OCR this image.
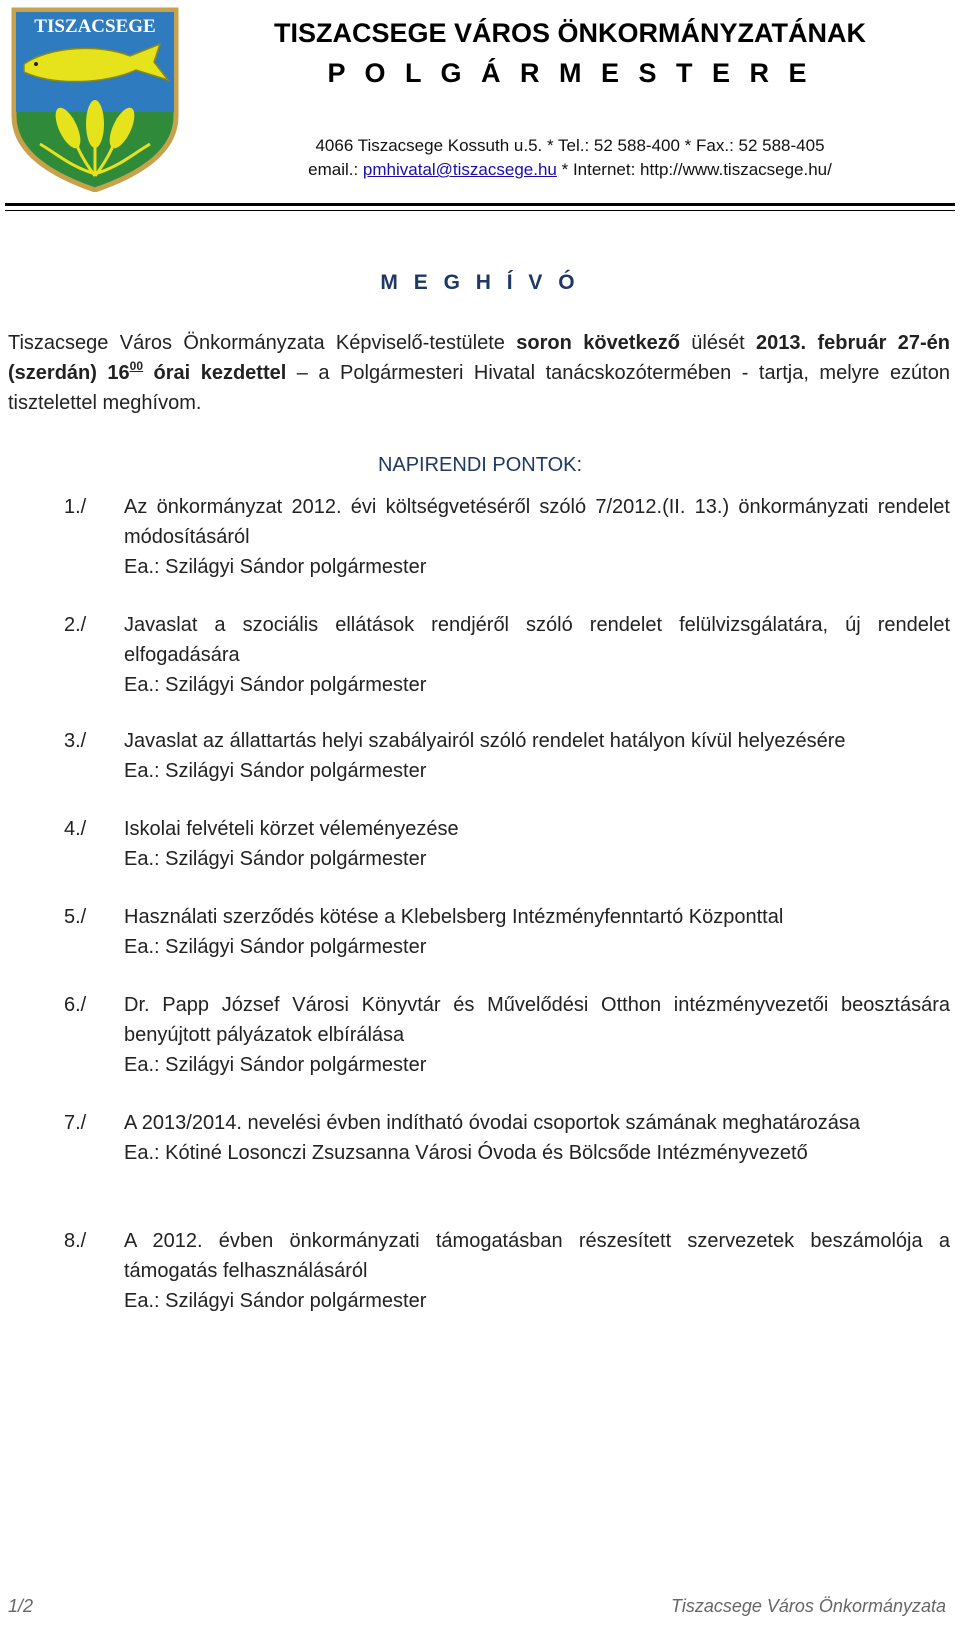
TISZACSEGE	TISZACSEGE VÁROS ÖNKORMÁNYZATÁNAK
P O L G Á R M E S T E R E
4066 Tiszacsege Kossuth u.5. * Tel.: 52 588-400 * Fax.: 52 588-405
email.: pmhivatal@tiszacsege.hu * Internet: http://www.tiszacsege.hu/
M E G H Í V Ó
Tiszacsege Város Önkormányzata Képviselő-testülete soron következő ülését 2013. február 27-én (szerdán) $16^{00}$ órai kezdettel – a Polgármesteri Hivatal tanácskozótermében - tartja, melyre ezúton tisztelettel meghívom.
NAPIRENDI PONTOK:
1./	Az önkormányzat 2012. évi költségvetéséről szóló 7/2012.(II. 13.) önkormányzati rendelet módosításáról
Ea.: Szilágyi Sándor polgármester
2./	Javaslat a szociális ellátások rendjéről szóló rendelet felülvizsgálatára, új rendelet elfogadására
Ea.: Szilágyi Sándor polgármester
3./	Javaslat az állattartás helyi szabályairól szóló rendelet hatályon kívül helyezésére
Ea.: Szilágyi Sándor polgármester
4./	Iskolai felvételi körzet véleményezése
Ea.: Szilágyi Sándor polgármester
5./	Használati szerződés kötése a Klebelsberg Intézményfenntartó Központtal
Ea.: Szilágyi Sándor polgármester
6./	Dr. Papp József Városi Könyvtár és Művelődési Otthon intézményvezetői beosztására benyújtott pályázatok elbírálása
Ea.: Szilágyi Sándor polgármester
7./	A 2013/2014. nevelési évben indítható óvodai csoportok számának meghatározása
Ea.: Kótiné Losonczi Zsuzsanna Városi Óvoda és Bölcsőde Intézményvezető
8./	A 2012. évben önkormányzati támogatásban részesített szervezetek beszámolója a támogatás felhasználásáról
Ea.: Szilágyi Sándor polgármester
1/2	Tiszacsege Város Önkormányzata
